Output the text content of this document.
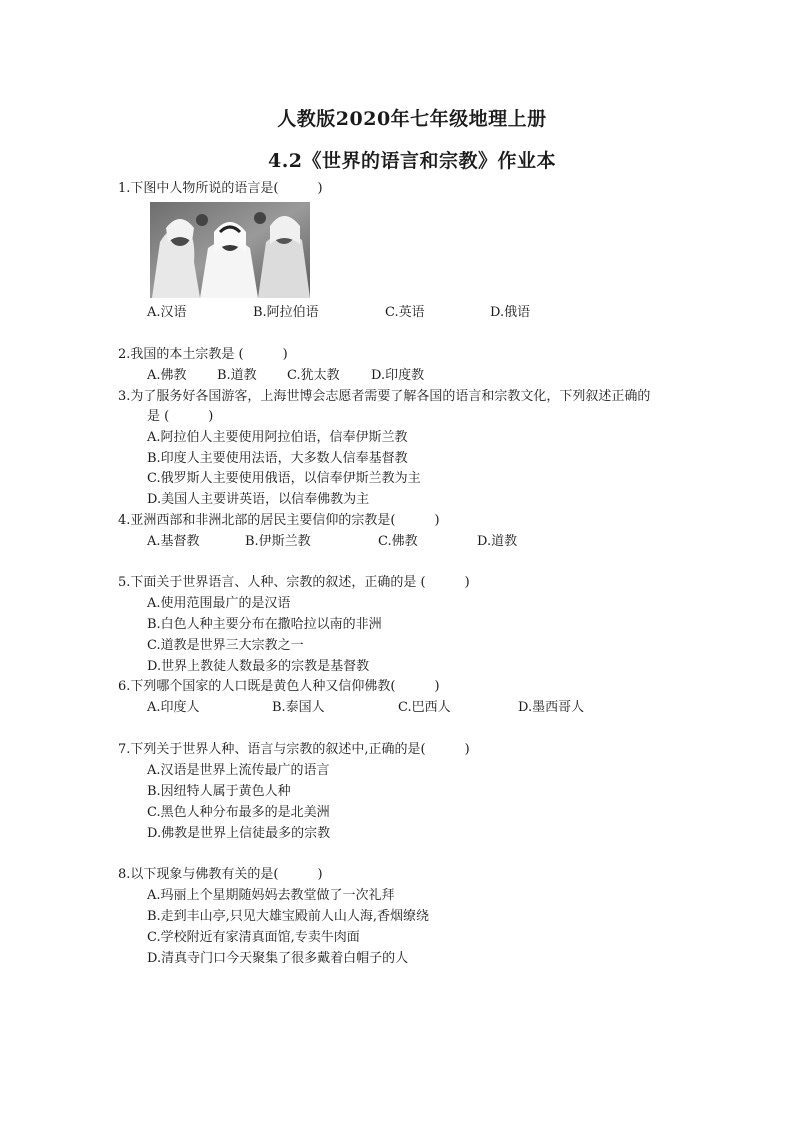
人教版2020年七年级地理上册
4.2《世界的语言和宗教》作业本
1.下图中人物所说的语言是(　　　)
A.汉语	B.阿拉伯语	C.英语	D.俄语
2.我国的本土宗教是 (　　　)
A.佛教 B.道教 C.犹太教 D.印度教
3.为了服务好各国游客，上海世博会志愿者需要了解各国的语言和宗教文化，下列叙述正确的
是 (　　　)
A.阿拉伯人主要使用阿拉伯语，信奉伊斯兰教
B.印度人主要使用法语，大多数人信奉基督教
C.俄罗斯人主要使用俄语，以信奉伊斯兰教为主
D.美国人主要讲英语，以信奉佛教为主
4.亚洲西部和非洲北部的居民主要信仰的宗教是(　　　)
A.基督教	B.伊斯兰教	C.佛教	D.道教
5.下面关于世界语言、人种、宗教的叙述，正确的是 (　　　)
A.使用范围最广的是汉语
B.白色人种主要分布在撒哈拉以南的非洲
C.道教是世界三大宗教之一
D.世界上教徒人数最多的宗教是基督教
6.下列哪个国家的人口既是黄色人种又信仰佛教(　　　)
A.印度人	B.泰国人	C.巴西人	D.墨西哥人
7.下列关于世界人种、语言与宗教的叙述中,正确的是(　　　)
A.汉语是世界上流传最广的语言
B.因纽特人属于黄色人种
C.黑色人种分布最多的是北美洲
D.佛教是世界上信徒最多的宗教
8.以下现象与佛教有关的是(　　　)
A.玛丽上个星期随妈妈去教堂做了一次礼拜
B.走到丰山亭,只见大雄宝殿前人山人海,香烟缭绕
C.学校附近有家清真面馆,专卖牛肉面
D.清真寺门口今天聚集了很多戴着白帽子的人
